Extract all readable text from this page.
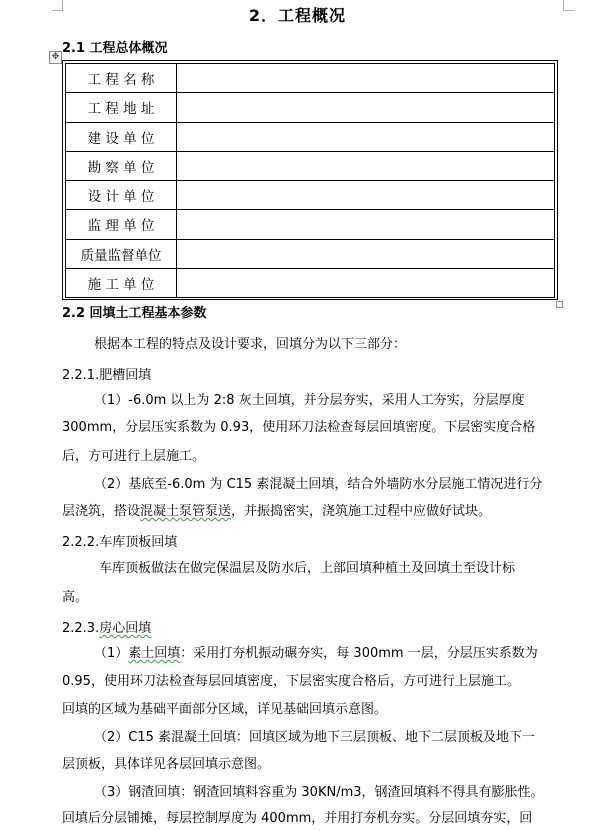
2．工程概况
2.1 工程总体概况
✥
工 程 名 称	
工 程 地 址	
建 设 单 位	
勘 察 单 位	
设 计 单 位	
监 理 单 位	
质量监督单位	
施 工 单 位	
2.2 回填土工程基本参数
根据本工程的特点及设计要求，回填分为以下三部分：
2.2.1.肥槽回填
（1）-6.0m 以上为 2:8 灰土回填，并分层夯实，采用人工夯实，分层厚度
300mm，分层压实系数为 0.93，使用环刀法检查每层回填密度。下层密实度合格
后，方可进行上层施工。
（2）基底至-6.0m 为 C15 素混凝土回填，结合外墙防水分层施工情况进行分
层浇筑，搭设混凝土泵管泵送，并振捣密实，浇筑施工过程中应做好试块。
2.2.2.车库顶板回填
车库顶板做法在做完保温层及防水后，上部回填种植土及回填土至设计标
高。
2.2.3.房心回填
（1）素土回填：采用打夯机振动碾夯实，每 300mm 一层，分层压实系数为
0.95，使用环刀法检查每层回填密度，下层密实度合格后，方可进行上层施工。
回填的区域为基础平面部分区域，详见基础回填示意图。
（2）C15 素混凝土回填：回填区域为地下三层顶板、地下二层顶板及地下一
层顶板，具体详见各层回填示意图。
（3）钢渣回填：钢渣回填料容重为 30KN/m3，钢渣回填料不得具有膨胀性。
回填后分层铺摊，每层控制厚度为 400mm，并用打夯机夯实。分层回填夯实，回
